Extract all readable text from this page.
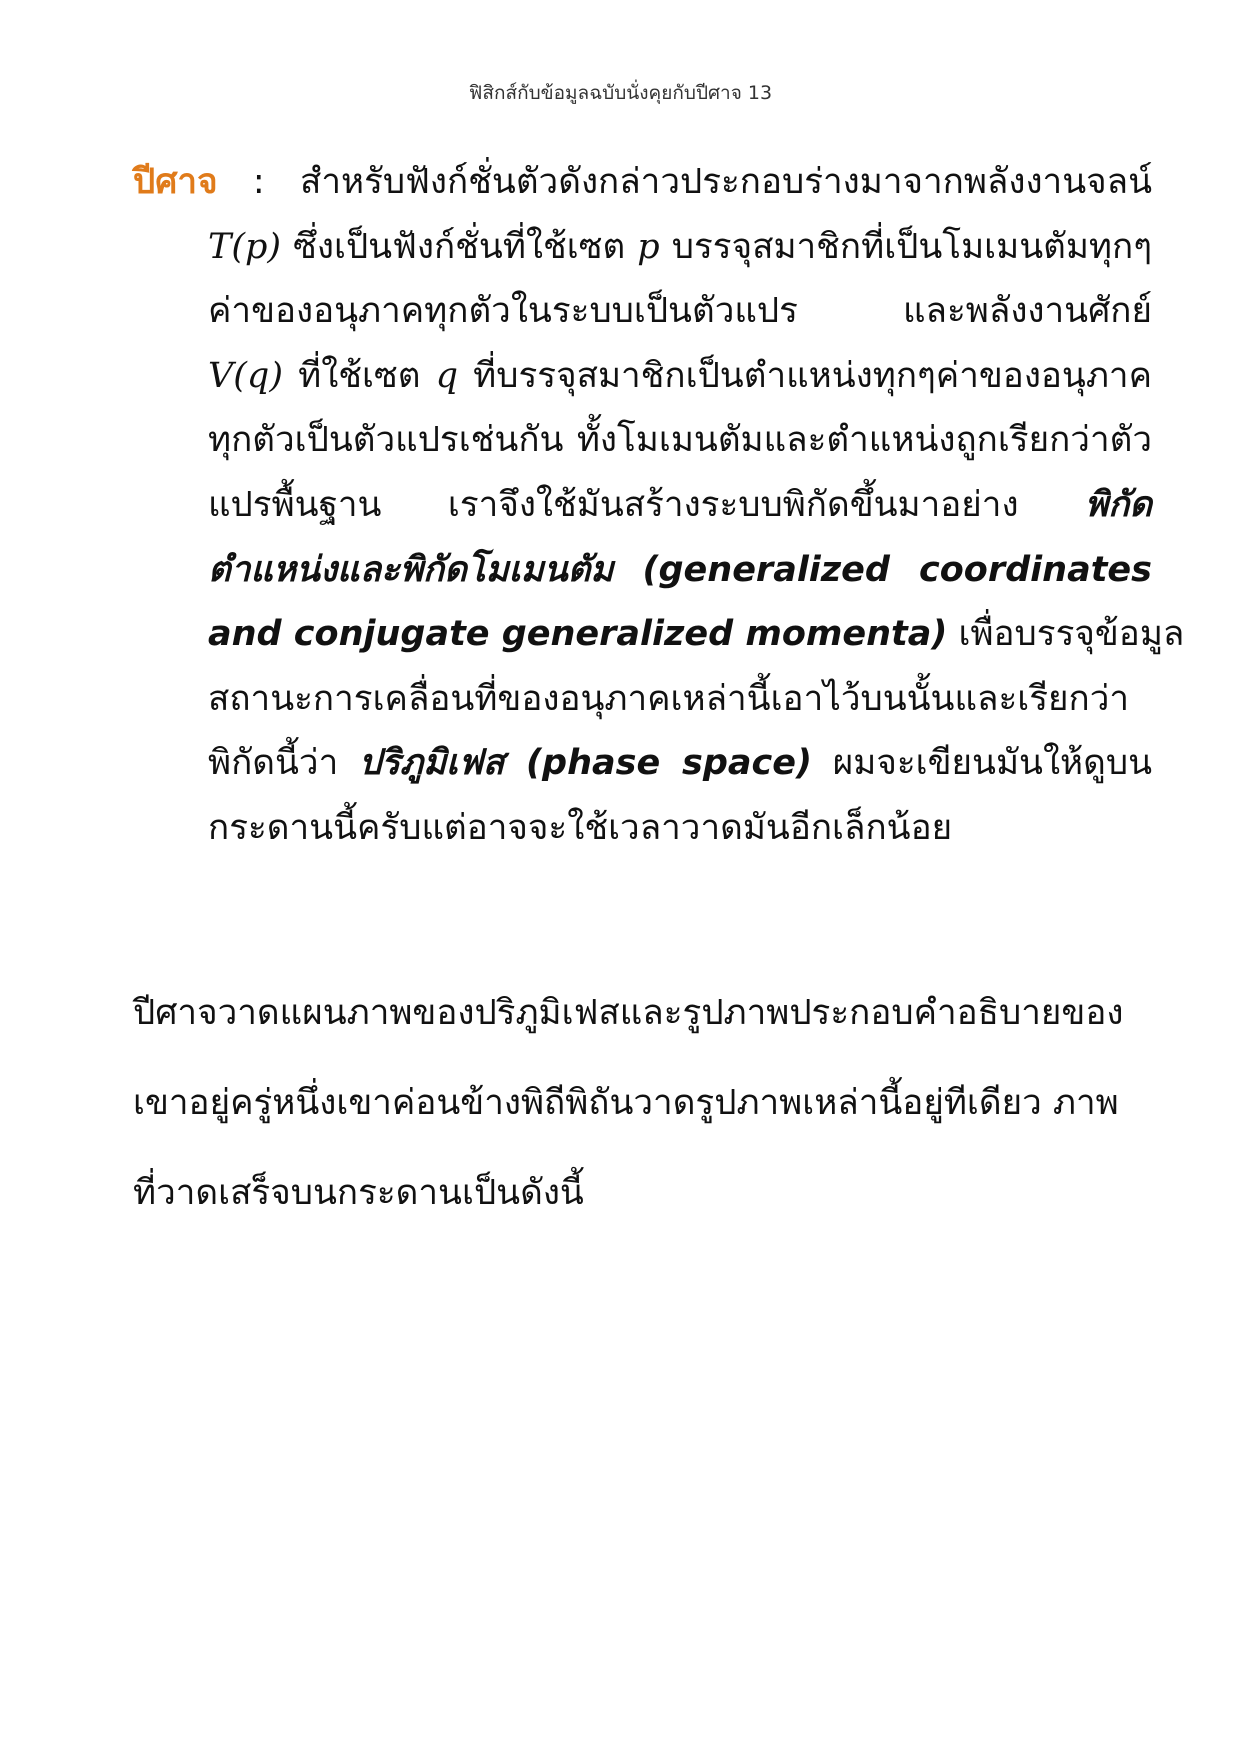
ฟิสิกส์กับข้อมูลฉบับนั่งคุยกับปีศาจ 13
ปีศาจ : สำหรับฟังก์ชั่นตัวดังกล่าวประกอบร่างมาจากพลังงานจลน์
T(p) ซึ่งเป็นฟังก์ชั่นที่ใช้เซต p บรรจุสมาชิกที่เป็นโมเมนตัมทุกๆ
ค่าของอนุภาคทุกตัวในระบบเป็นตัวแปร และพลังงานศักย์
V(q) ที่ใช้เซต q ที่บรรจุสมาชิกเป็นตำแหน่งทุกๆค่าของอนุภาค
ทุกตัวเป็นตัวแปรเช่นกัน ทั้งโมเมนตัมและตำแหน่งถูกเรียกว่าตัว
แปรพื้นฐาน เราจึงใช้มันสร้างระบบพิกัดขึ้นมาอย่าง พิกัด
ตำแหน่งและพิกัดโมเมนตัม (generalized coordinates
and conjugate generalized momenta) เพื่อบรรจุข้อมูล
สถานะการเคลื่อนที่ของอนุภาคเหล่านี้เอาไว้บนนั้นและเรียกว่า
พิกัดนี้ว่า ปริภูมิเฟส (phase space) ผมจะเขียนมันให้ดูบน
กระดานนี้ครับแต่อาจจะใช้เวลาวาดมันอีกเล็กน้อย
ปีศาจวาดแผนภาพของปริภูมิเฟสและรูปภาพประกอบคำอธิบายของ
เขาอยู่ครู่หนึ่งเขาค่อนข้างพิถีพิถันวาดรูปภาพเหล่านี้อยู่ทีเดียว ภาพ
ที่วาดเสร็จบนกระดานเป็นดังนี้
